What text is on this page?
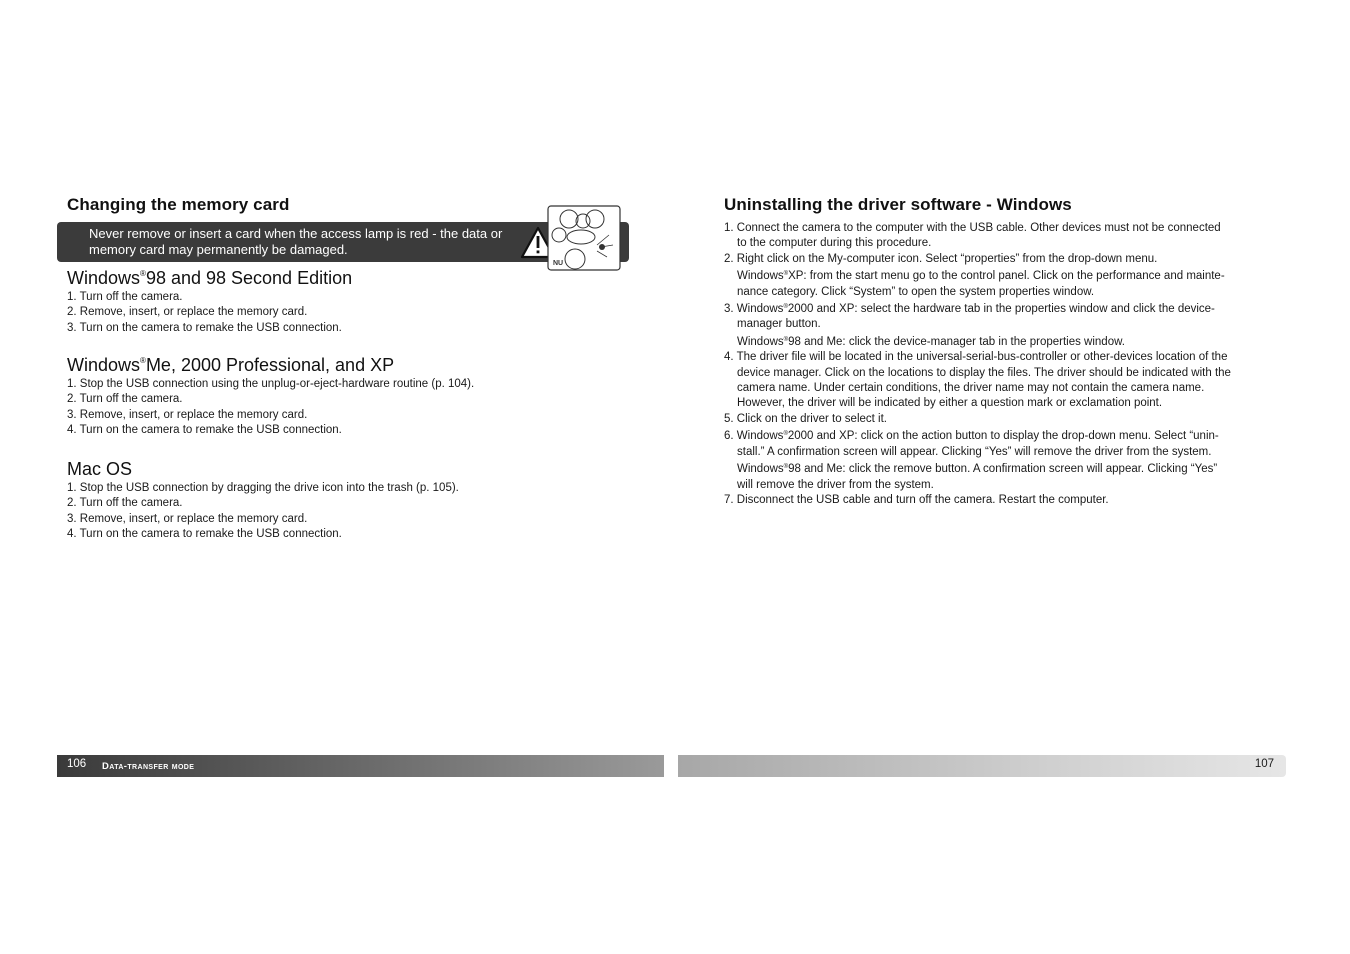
Changing the memory card
Never remove or insert a card when the access lamp is red - the data or memory card may permanently be damaged.
NU
Windows®98 and 98 Second Edition
1. Turn off the camera.
2. Remove, insert, or replace the memory card.
3. Turn on the camera to remake the USB connection.
Windows®Me, 2000 Professional, and XP
1. Stop the USB connection using the unplug-or-eject-hardware routine (p. 104).
2. Turn off the camera.
3. Remove, insert, or replace the memory card.
4. Turn on the camera to remake the USB connection.
Mac OS
1. Stop the USB connection by dragging the drive icon into the trash (p. 105).
2. Turn off the camera.
3. Remove, insert, or replace the memory card.
4. Turn on the camera to remake the USB connection.
106 Data-transfer mode
Uninstalling the driver software - Windows
1. Connect the camera to the computer with the USB cable. Other devices must not be connected
to the computer during this procedure.
2. Right click on the My-computer icon. Select “properties” from the drop-down menu.
Windows®XP: from the start menu go to the control panel. Click on the performance and mainte-
nance category. Click “System” to open the system properties window.
3. Windows®2000 and XP: select the hardware tab in the properties window and click the device-
manager button.
Windows®98 and Me: click the device-manager tab in the properties window.
4. The driver file will be located in the universal-serial-bus-controller or other-devices location of the
device manager. Click on the locations to display the files. The driver should be indicated with the
camera name. Under certain conditions, the driver name may not contain the camera name.
However, the driver will be indicated by either a question mark or exclamation point.
5. Click on the driver to select it.
6. Windows®2000 and XP: click on the action button to display the drop-down menu. Select “unin-
stall.” A confirmation screen will appear. Clicking “Yes” will remove the driver from the system.
Windows®98 and Me: click the remove button. A confirmation screen will appear. Clicking “Yes”
will remove the driver from the system.
7. Disconnect the USB cable and turn off the camera. Restart the computer.
107
